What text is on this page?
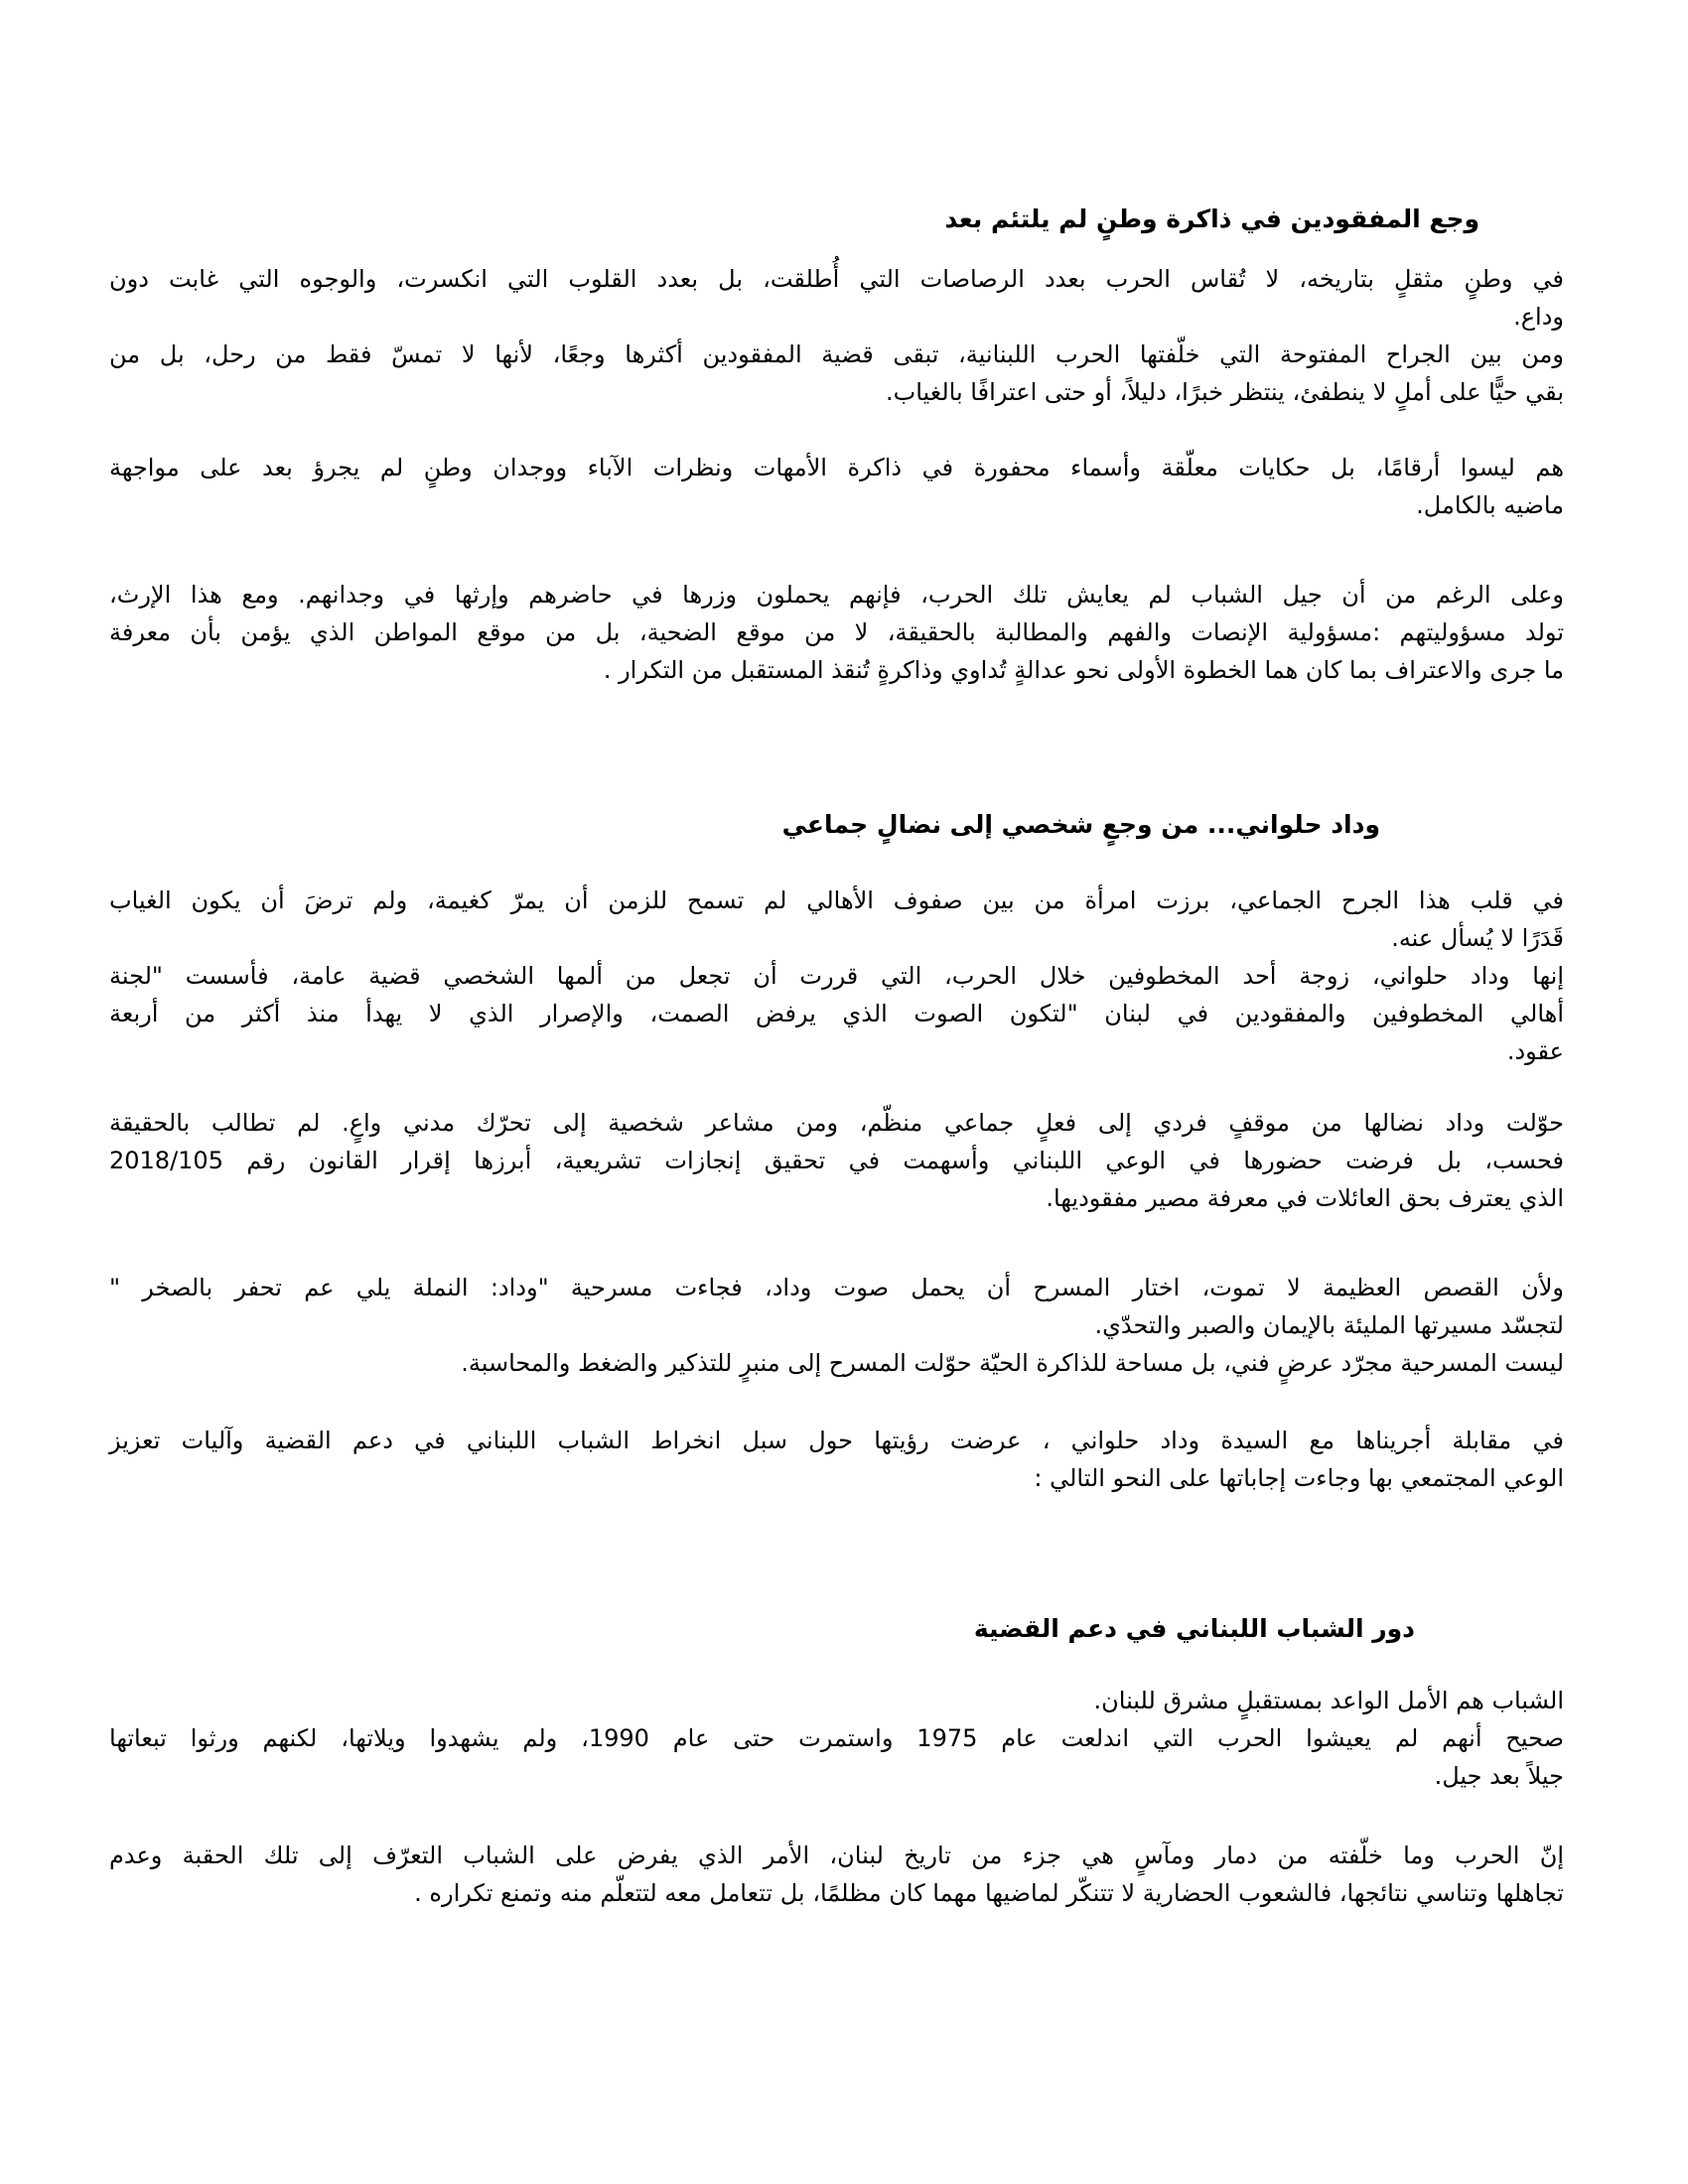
وجع المفقودين في ذاكرة وطنٍ لم يلتئم بعد
في وطنٍ مثقلٍ بتاريخه، لا تُقاس الحرب بعدد الرصاصات التي أُطلقت، بل بعدد القلوب التي انكسرت، والوجوه التي غابت دون
وداع.
ومن بين الجراح المفتوحة التي خلّفتها الحرب اللبنانية، تبقى قضية المفقودين أكثرها وجعًا، لأنها لا تمسّ فقط من رحل، بل من
بقي حيًّا على أملٍ لا ينطفئ، ينتظر خبرًا، دليلاً، أو حتى اعترافًا بالغياب.
هم ليسوا أرقامًا، بل حكايات معلّقة وأسماء محفورة في ذاكرة الأمهات ونظرات الآباء ووجدان وطنٍ لم يجرؤ بعد على مواجهة
ماضيه بالكامل.
وعلى الرغم من أن جيل الشباب لم يعايش تلك الحرب، فإنهم يحملون وزرها في حاضرهم وإرثها في وجدانهم. ومع هذا الإرث،
تولد مسؤوليتهم :مسؤولية الإنصات والفهم والمطالبة بالحقيقة، لا من موقع الضحية، بل من موقع المواطن الذي يؤمن بأن معرفة
ما جرى والاعتراف بما كان هما الخطوة الأولى نحو عدالةٍ تُداوي وذاكرةٍ تُنقذ المستقبل من التكرار .
وداد حلواني... من وجعٍ شخصي إلى نضالٍ جماعي
في قلب هذا الجرح الجماعي، برزت امرأة من بين صفوف الأهالي لم تسمح للزمن أن يمرّ كغيمة، ولم ترضَ أن يكون الغياب
قَدَرًا لا يُسأل عنه.
إنها وداد حلواني، زوجة أحد المخطوفين خلال الحرب، التي قررت أن تجعل من ألمها الشخصي قضية عامة، فأسست "لجنة
أهالي المخطوفين والمفقودين في لبنان "لتكون الصوت الذي يرفض الصمت، والإصرار الذي لا يهدأ منذ أكثر من أربعة
عقود.
حوّلت وداد نضالها من موقفٍ فردي إلى فعلٍ جماعي منظّم، ومن مشاعر شخصية إلى تحرّك مدني واعٍ. لم تطالب بالحقيقة
فحسب، بل فرضت حضورها في الوعي اللبناني وأسهمت في تحقيق إنجازات تشريعية، أبرزها إقرار القانون رقم 2018/105
الذي يعترف بحق العائلات في معرفة مصير مفقوديها.
ولأن القصص العظيمة لا تموت، اختار المسرح أن يحمل صوت وداد، فجاءت مسرحية "وداد: النملة يلي عم تحفر بالصخر "
لتجسّد مسيرتها المليئة بالإيمان والصبر والتحدّي.
ليست المسرحية مجرّد عرضٍ فني، بل مساحة للذاكرة الحيّة حوّلت المسرح إلى منبرٍ للتذكير والضغط والمحاسبة.
في مقابلة أجريناها مع السيدة وداد حلواني ، عرضت رؤيتها حول سبل انخراط الشباب اللبناني في دعم القضية وآليات تعزيز
الوعي المجتمعي بها وجاءت إجاباتها على النحو التالي :
دور الشباب اللبناني في دعم القضية
الشباب هم الأمل الواعد بمستقبلٍ مشرق للبنان.
صحيح أنهم لم يعيشوا الحرب التي اندلعت عام 1975 واستمرت حتى عام 1990، ولم يشهدوا ويلاتها، لكنهم ورثوا تبعاتها
جيلاً بعد جيل.
إنّ الحرب وما خلّفته من دمار ومآسٍ هي جزء من تاريخ لبنان، الأمر الذي يفرض على الشباب التعرّف إلى تلك الحقبة وعدم
تجاهلها وتناسي نتائجها، فالشعوب الحضارية لا تتنكّر لماضيها مهما كان مظلمًا، بل تتعامل معه لتتعلّم منه وتمنع تكراره .
